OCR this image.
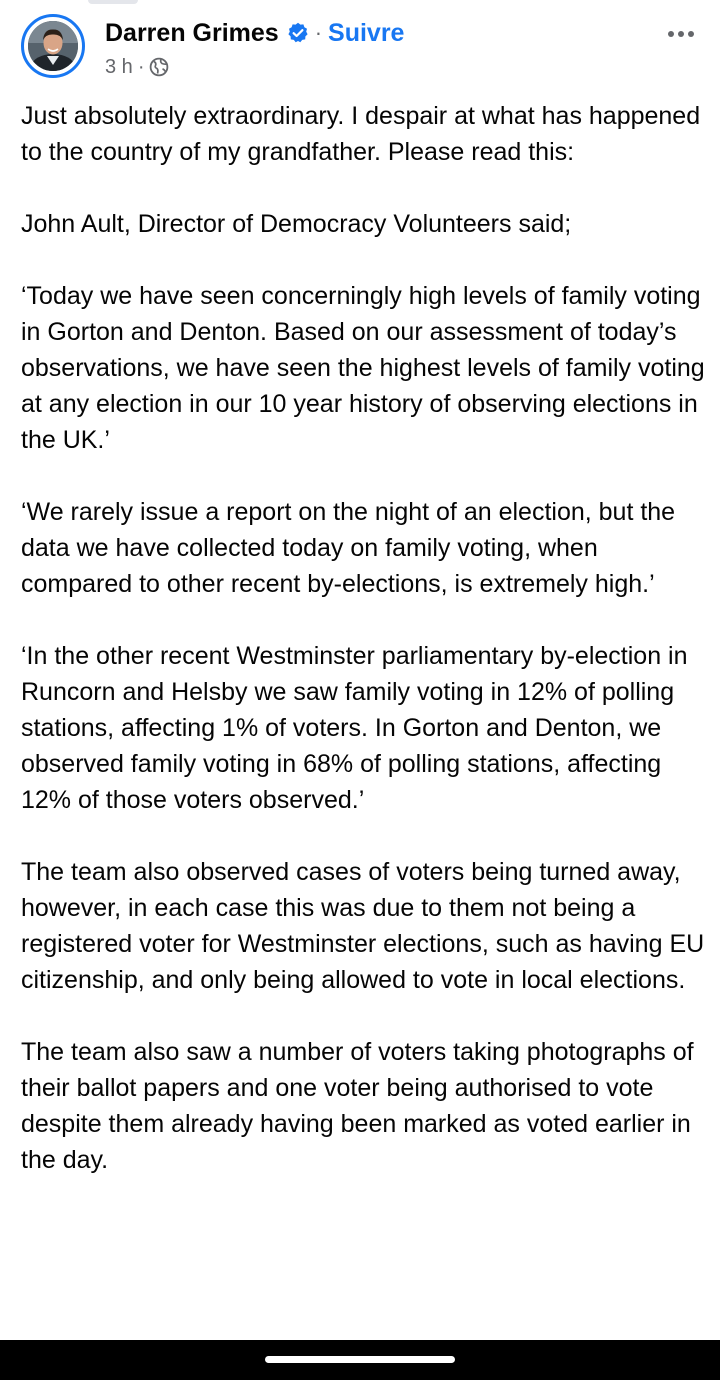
Darren Grimes · Suivre
3 h ·

Just absolutely extraordinary. I despair at what has happened to the country of my grandfather. Please read this:

John Ault, Director of Democracy Volunteers said;

‘Today we have seen concerningly high levels of family voting in Gorton and Denton. Based on our assessment of today’s observations, we have seen the highest levels of family voting at any election in our 10 year history of observing elections in the UK.’

‘We rarely issue a report on the night of an election, but the data we have collected today on family voting, when compared to other recent by-elections, is extremely high.’

‘In the other recent Westminster parliamentary by-election in Runcorn and Helsby we saw family voting in 12% of polling stations, affecting 1% of voters. In Gorton and Denton, we observed family voting in 68% of polling stations, affecting 12% of those voters observed.’

The team also observed cases of voters being turned away, however, in each case this was due to them not being a registered voter for Westminster elections, such as having EU citizenship, and only being allowed to vote in local elections.

The team also saw a number of voters taking photographs of their ballot papers and one voter being authorised to vote despite them already having been marked as voted earlier in the day.
